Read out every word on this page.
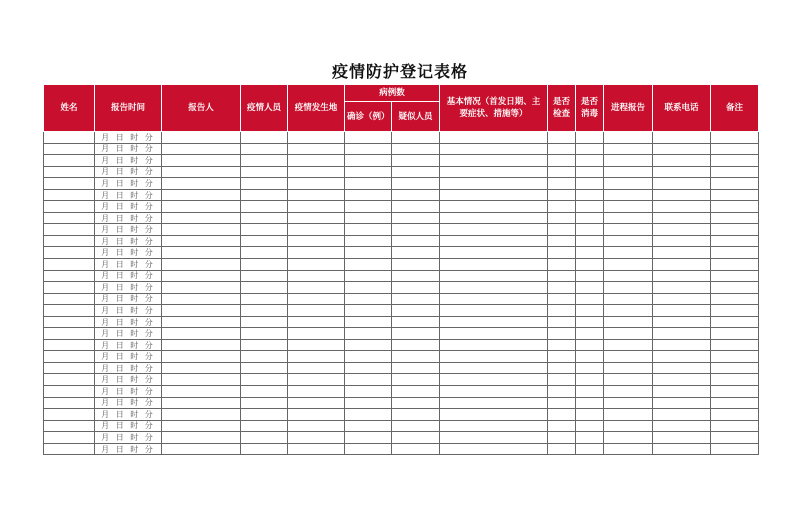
疫情防护登记表格
姓名	报告时间	报告人	疫情人员	疫情发生地	病例数		基本情况（首发日期、主要症状、措施等）	是否检查	是否消毒	进程报告	联系电话	备注
					确诊（例）	疑似人员						
	月 日 时 分											
	月 日 时 分											
	月 日 时 分											
	月 日 时 分											
	月 日 时 分											
	月 日 时 分											
	月 日 时 分											
	月 日 时 分											
	月 日 时 分											
	月 日 时 分											
	月 日 时 分											
	月 日 时 分											
	月 日 时 分											
	月 日 时 分											
	月 日 时 分											
	月 日 时 分											
	月 日 时 分											
	月 日 时 分											
	月 日 时 分											
	月 日 时 分											
	月 日 时 分											
	月 日 时 分											
	月 日 时 分											
	月 日 时 分											
	月 日 时 分											
	月 日 时 分											
	月 日 时 分											
	月 日 时 分											
